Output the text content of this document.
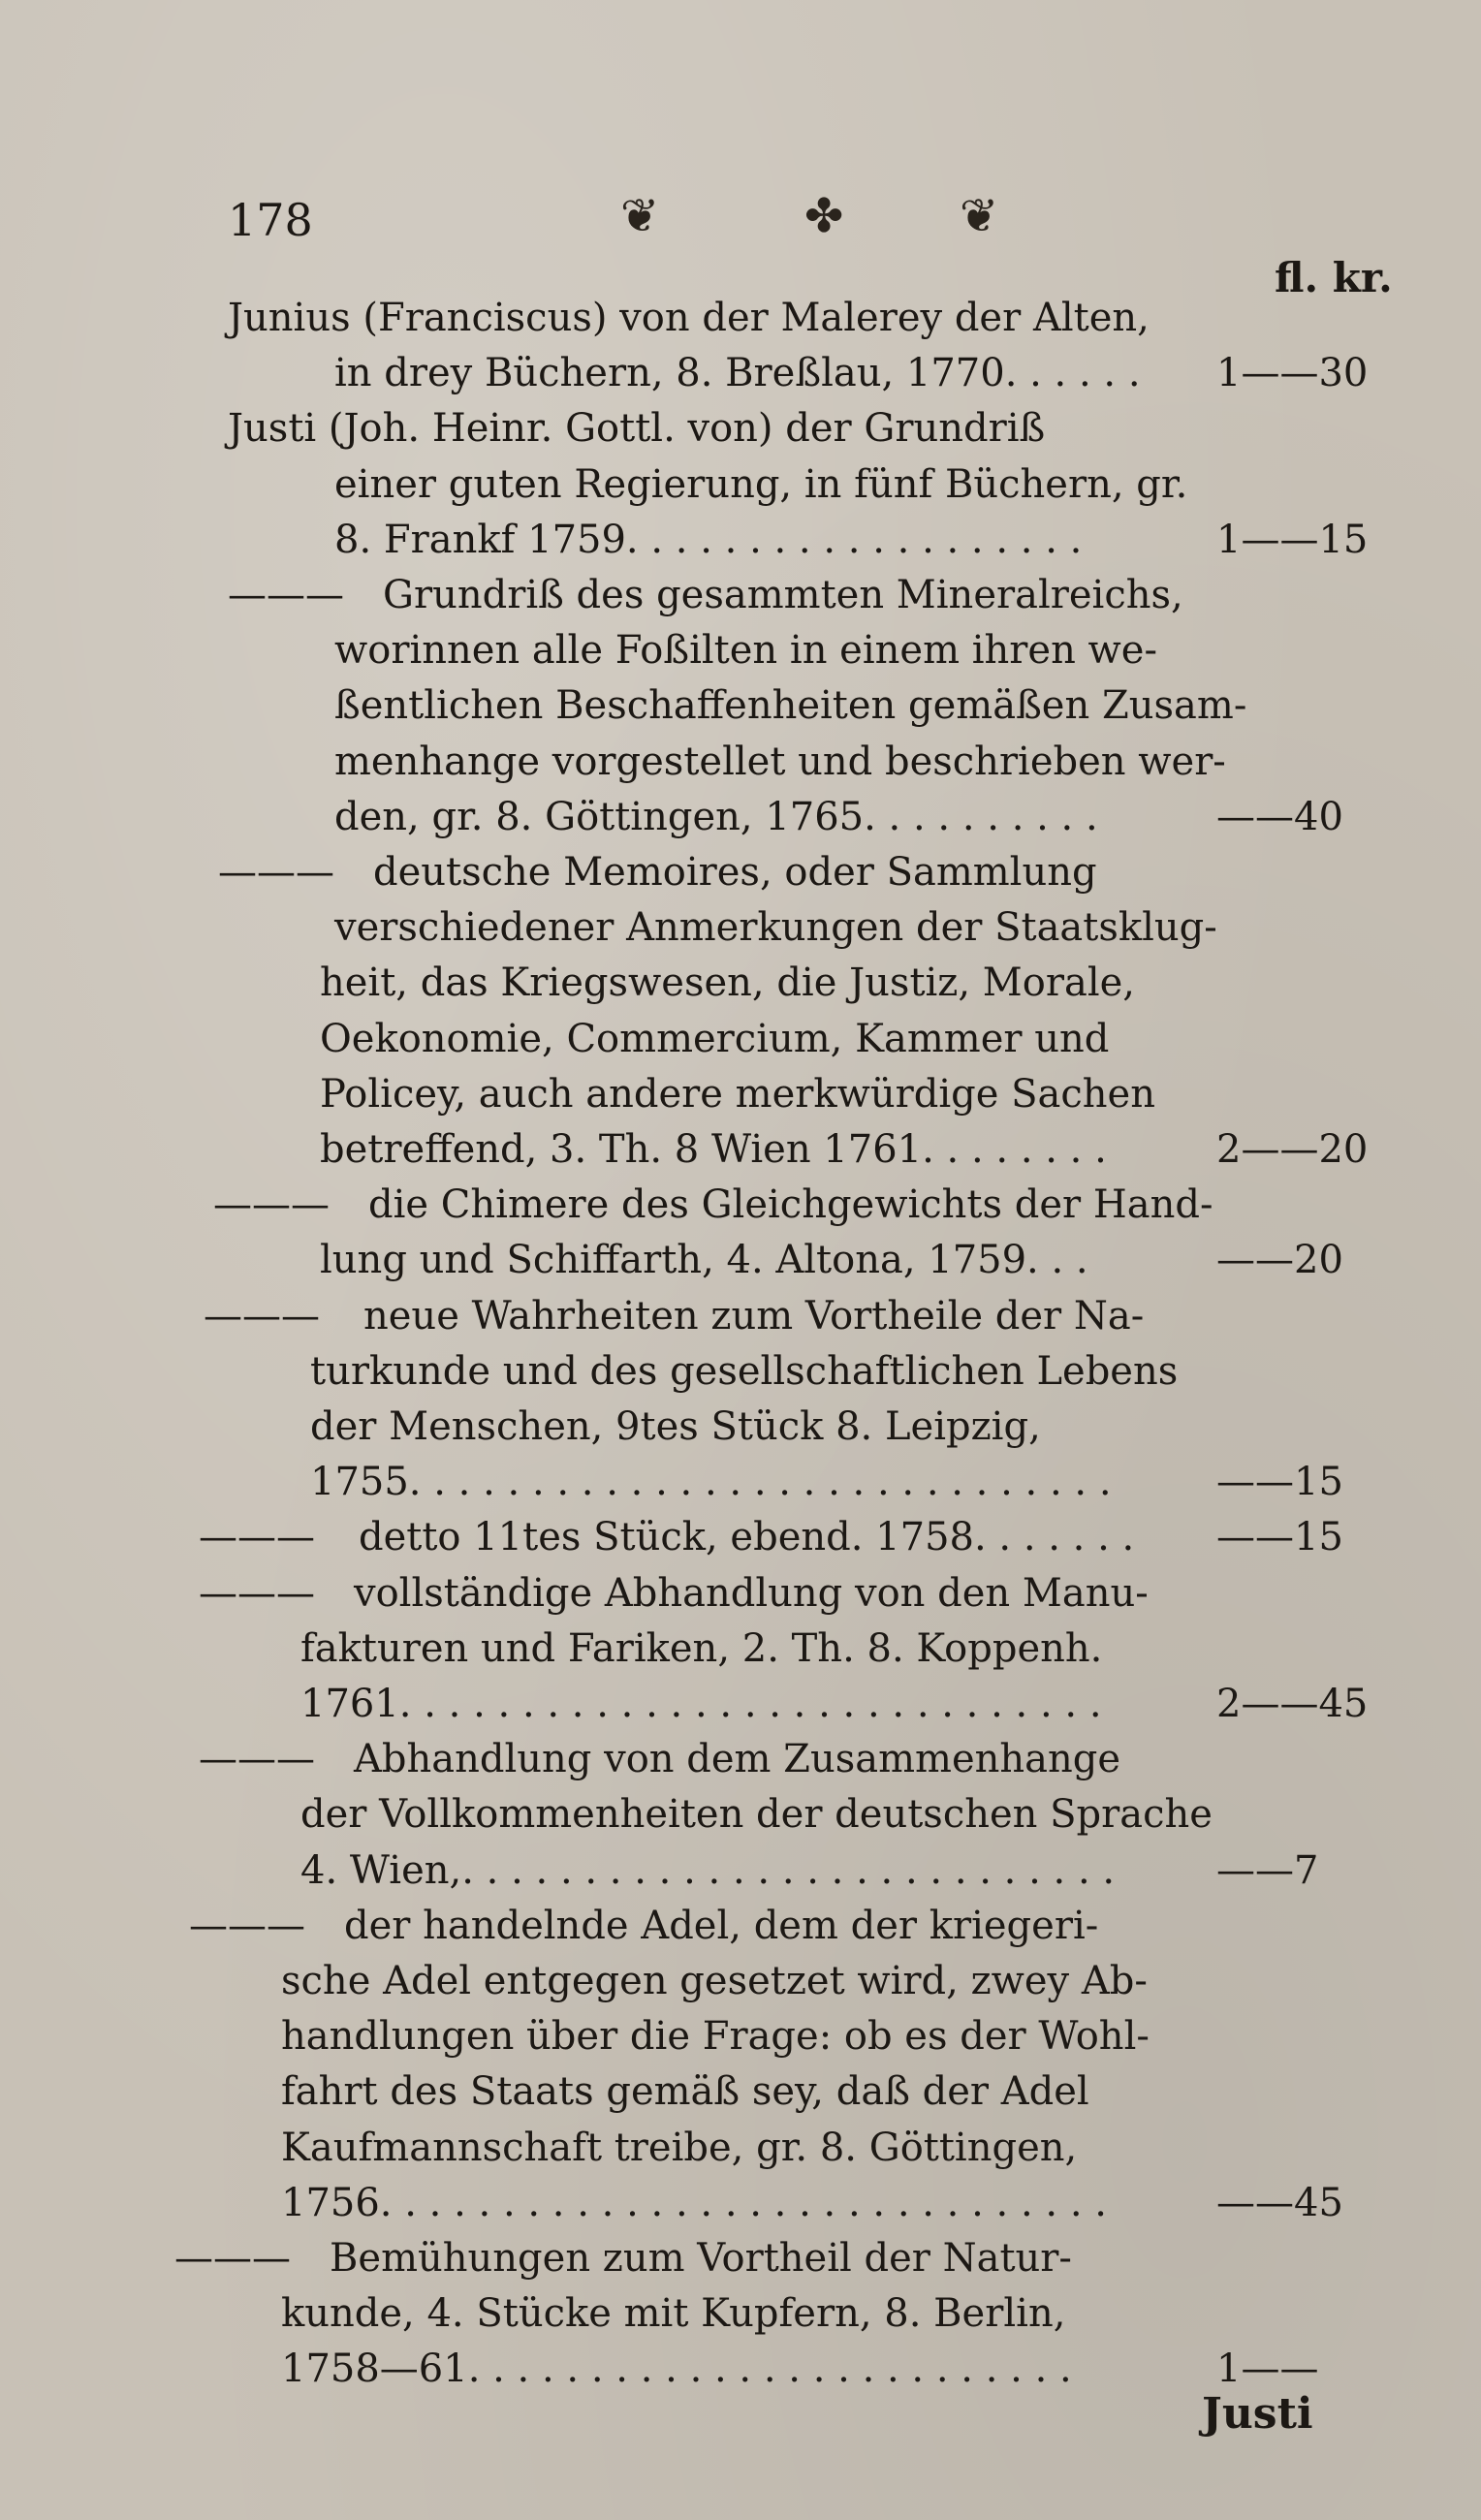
178	❦	✤ ❦
fl. kr.
Junius (Franciscus) von der Malerey der Alten,
in drey Büchern, 8. Breßlau, 1770. . . . . . 1——30
Justi (Joh. Heinr. Gottl. von) der Grundriß
einer guten Regierung, in fünf Büchern, gr.
8. Frankf 1759. . . . . . . . . . . . . . . . . . .	1——15
——— Grundriß des gesammten Mineralreichs,
worinnen alle Foßilten in einem ihren we-
ßentlichen Beschaffenheiten gemäßen Zusam-
menhange vorgestellet und beschrieben wer-
den, gr. 8. Göttingen, 1765. . . . . . . . . .	——40
——— deutsche Memoires, oder Sammlung
verschiedener Anmerkungen der Staatsklug-
heit, das Kriegswesen, die Justiz, Morale,
Oekonomie, Commercium, Kammer und
Policey, auch andere merkwürdige Sachen
betreffend, 3. Th. 8 Wien 1761. . . . . . . .	2——20
——— die Chimere des Gleichgewichts der Hand-
lung und Schiffarth, 4. Altona, 1759. . .	——20
——— neue Wahrheiten zum Vortheile der Na-
turkunde und des gesellschaftlichen Lebens
der Menschen, 9tes Stück 8. Leipzig,
1755. . . . . . . . . . . . . . . . . . . . . . . . . . . . .	——15
——— detto 11tes Stück, ebend. 1758. . . . . . . ——15
——— vollständige Abhandlung von den Manu-
fakturen und Fariken, 2. Th. 8. Koppenh.
1761. . . . . . . . . . . . . . . . . . . . . . . . . . . . .	2——45
——— Abhandlung von dem Zusammenhange
der Vollkommenheiten der deutschen Sprache
4. Wien,. . . . . . . . . . . . . . . . . . . . . . . . . . .	——7
——— der handelnde Adel, dem der kriegeri-
sche Adel entgegen gesetzet wird, zwey Ab-
handlungen über die Frage: ob es der Wohl-
fahrt des Staats gemäß sey, daß der Adel
Kaufmannschaft treibe, gr. 8. Göttingen,
1756. . . . . . . . . . . . . . . . . . . . . . . . . . . . . .	——45
——— Bemühungen zum Vortheil der Natur-
kunde, 4. Stücke mit Kupfern, 8. Berlin,
1758—61. . . . . . . . . . . . . . . . . . . . . . . . .	1——
Justi
